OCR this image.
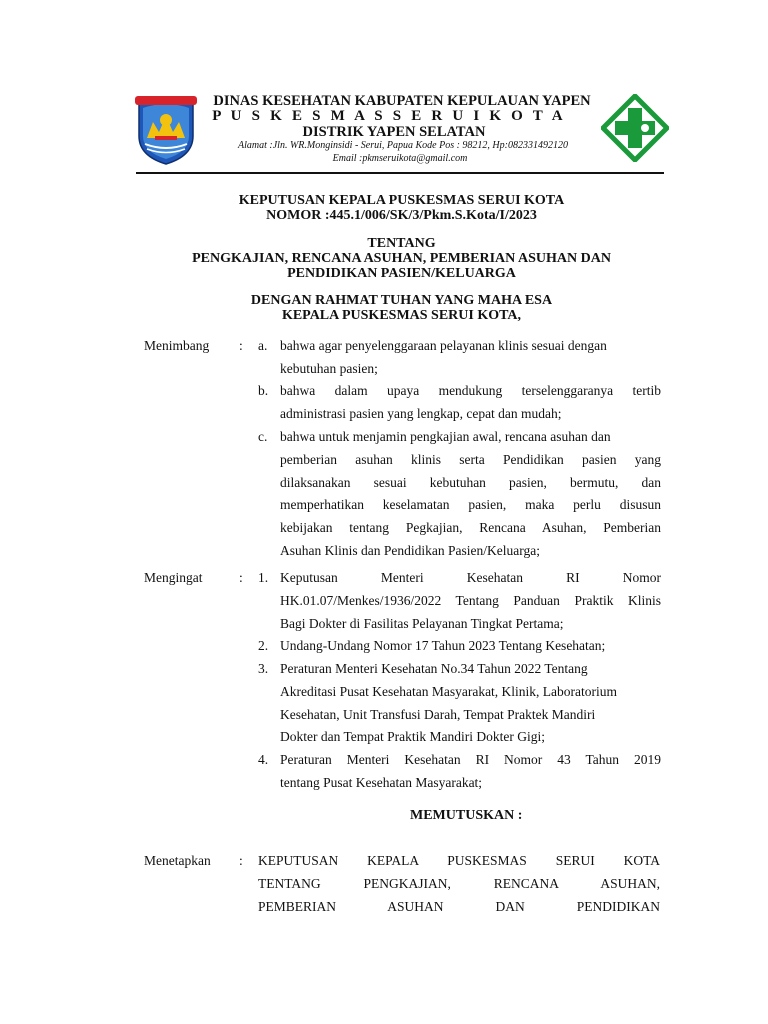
DINAS KESEHATAN KABUPATEN KEPULAUAN YAPEN
P U S K E S M A S S E R U I K O T A
DISTRIK YAPEN SELATAN
Alamat :Jln. WR.Monginsidi - Serui, Papua Kode Pos : 98212, Hp:082331492120
Email :pkmseruikota@gmail.com
KEPUTUSAN KEPALA PUSKESMAS SERUI KOTA
NOMOR :445.1/006/SK/3/Pkm.S.Kota/I/2023
TENTANG
PENGKAJIAN, RENCANA ASUHAN, PEMBERIAN ASUHAN DAN
PENDIDIKAN PASIEN/KELUARGA
DENGAN RAHMAT TUHAN YANG MAHA ESA
KEPALA PUSKESMAS SERUI KOTA,
Menimbang : a. bahwa agar penyelenggaraan pelayanan klinis sesuai dengan
kebutuhan pasien;
b. bahwa dalam upaya mendukung terselenggaranya tertib
administrasi pasien yang lengkap, cepat dan mudah;
c. bahwa untuk menjamin pengkajian awal, rencana asuhan dan
pemberian asuhan klinis serta Pendidikan pasien yang
dilaksanakan sesuai kebutuhan pasien, bermutu, dan
memperhatikan keselamatan pasien, maka perlu disusun
kebijakan tentang Pegkajian, Rencana Asuhan, Pemberian
Asuhan Klinis dan Pendidikan Pasien/Keluarga;
Mengingat	: 1. Keputusan Menteri Kesehatan RI Nomor
HK.01.07/Menkes/1936/2022 Tentang Panduan Praktik Klinis
Bagi Dokter di Fasilitas Pelayanan Tingkat Pertama;
2. Undang-Undang Nomor 17 Tahun 2023 Tentang Kesehatan;
3. Peraturan Menteri Kesehatan No.34 Tahun 2022 Tentang
Akreditasi Pusat Kesehatan Masyarakat, Klinik, Laboratorium
Kesehatan, Unit Transfusi Darah, Tempat Praktek Mandiri
Dokter dan Tempat Praktik Mandiri Dokter Gigi;
4. Peraturan Menteri Kesehatan RI Nomor 43 Tahun 2019
tentang Pusat Kesehatan Masyarakat;
MEMUTUSKAN :
Menetapkan : KEPUTUSAN KEPALA PUSKESMAS SERUI KOTA
TENTANG PENGKAJIAN, RENCANA ASUHAN,
PEMBERIAN ASUHAN DAN PENDIDIKAN
